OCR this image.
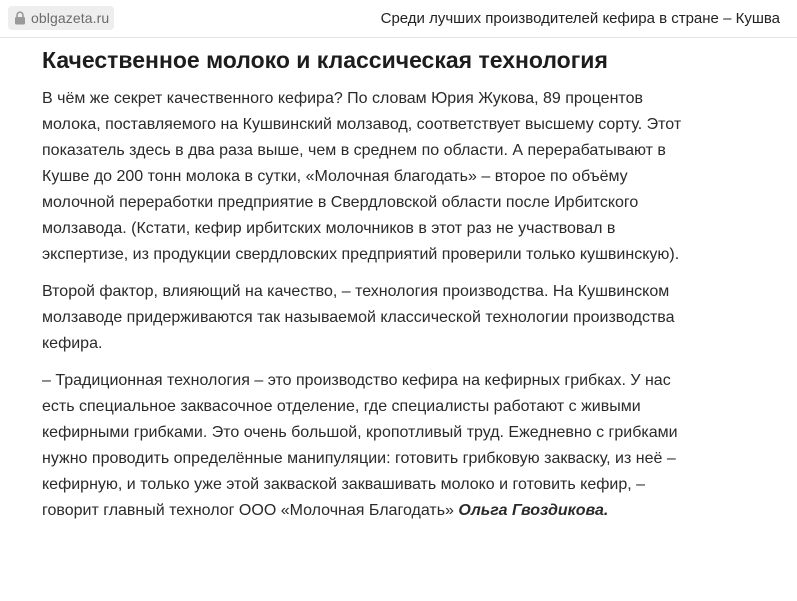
oblgazeta.ru	Среди лучших производителей кефира в стране – Кушва
Качественное молоко и классическая технология

В чём же секрет качественного кефира? По словам Юрия Жукова, 89 процентов молока, поставляемого на Кушвинский молзавод, соответствует высшему сорту. Этот показатель здесь в два раза выше, чем в среднем по области. А перерабатывают в Кушве до 200 тонн молока в сутки, «Молочная благодать» – второе по объёму молочной переработки предприятие в Свердловской области после Ирбитского молзавода. (Кстати, кефир ирбитских молочников в этот раз не участвовал в экспертизе, из продукции свердловских предприятий проверили только кушвинскую).

Второй фактор, влияющий на качество, – технология производства. На Кушвинском молзаводе придерживаются так называемой классической технологии производства кефира.

– Традиционная технология – это производство кефира на кефирных грибках. У нас есть специальное заквасочное отделение, где специалисты работают с живыми кефирными грибками. Это очень большой, кропотливый труд. Ежедневно с грибками нужно проводить определённые манипуляции: готовить грибковую закваску, из неё – кефирную, и только уже этой закваской заквашивать молоко и готовить кефир, – говорит главный технолог ООО «Молочная Благодать» Ольга Гвоздикова.
